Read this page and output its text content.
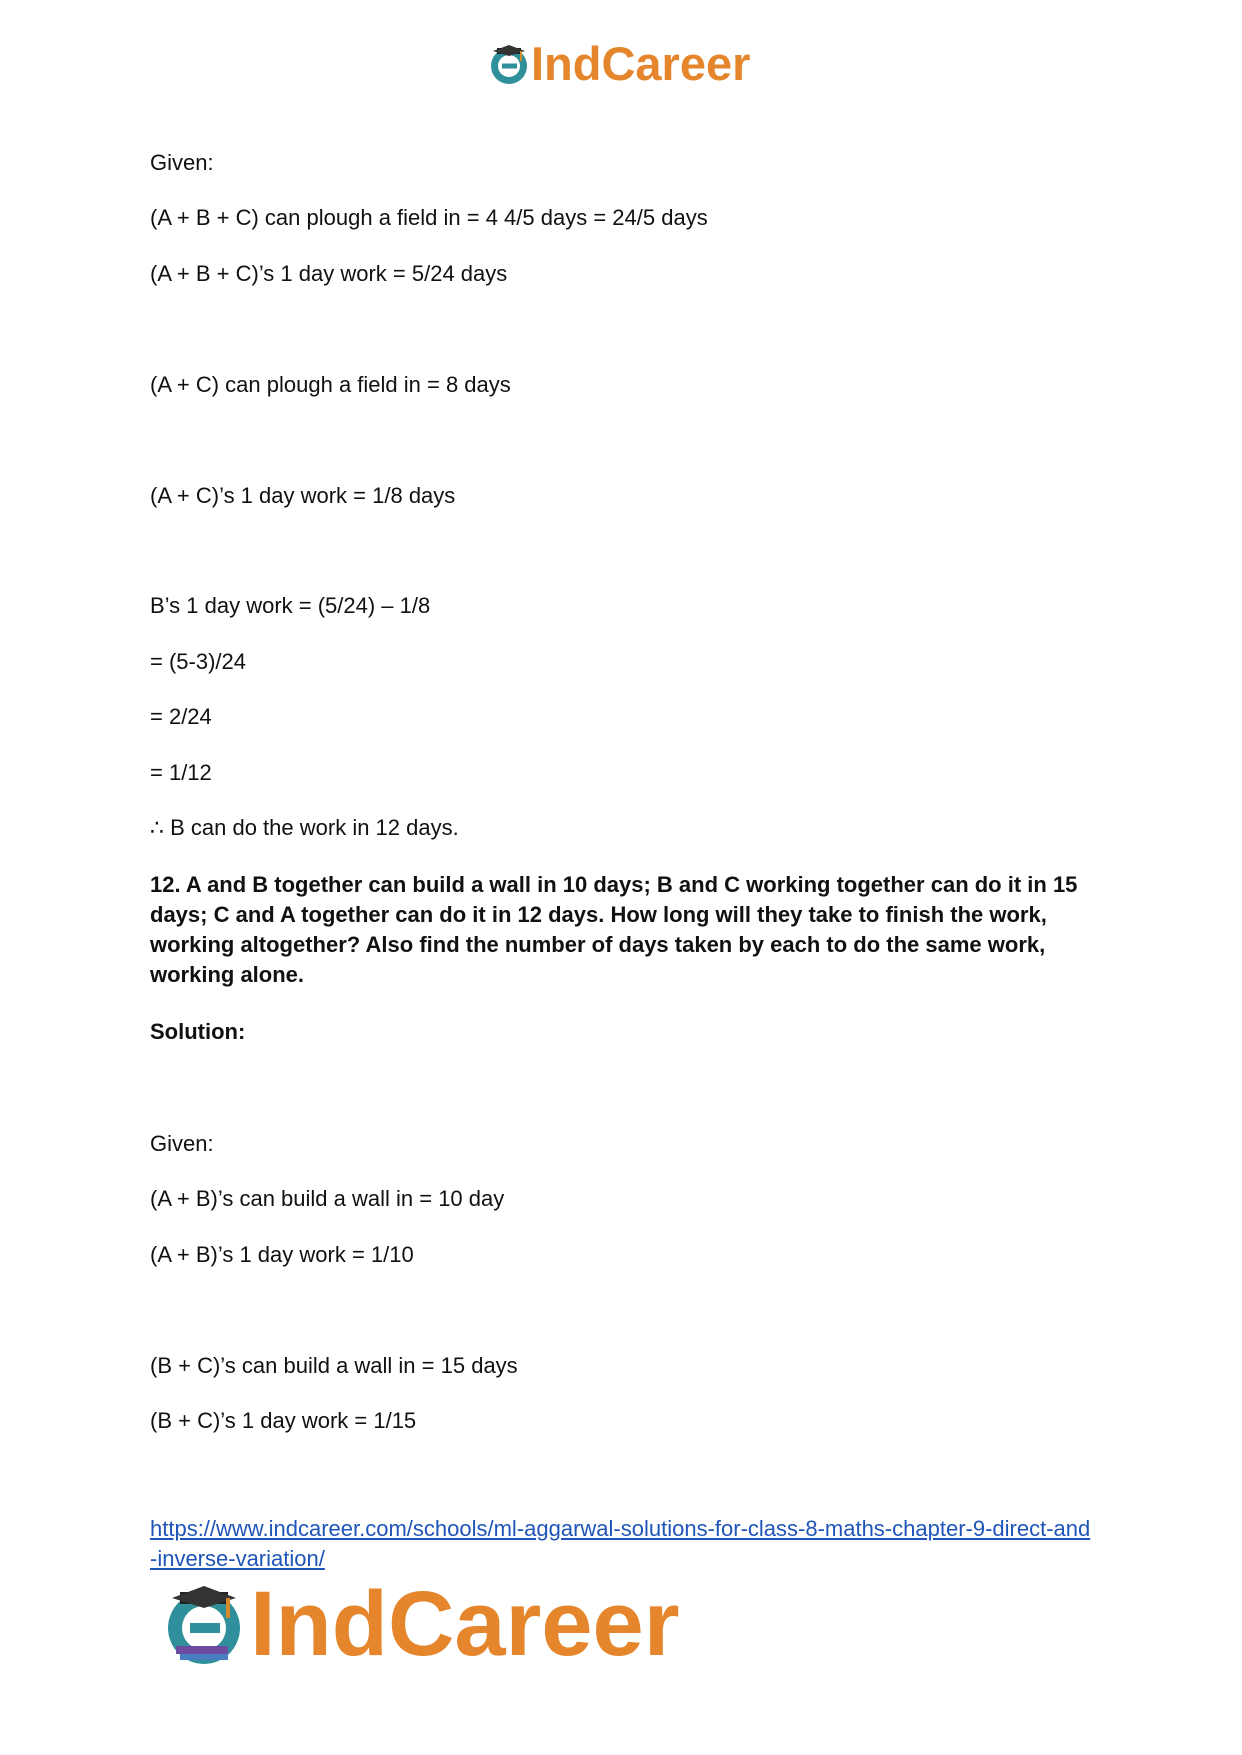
IndCareer
Given:
(A + B + C) can plough a field in = 4 4/5 days = 24/5 days
(A + B + C)’s 1 day work = 5/24 days
(A + C) can plough a field in = 8 days
(A + C)’s 1 day work = 1/8 days
B’s 1 day work = (5/24) – 1/8
= (5-3)/24
= 2/24
= 1/12
∴ B can do the work in 12 days.
12. A and B together can build a wall in 10 days; B and C working together can do it in 15 days; C and A together can do it in 12 days. How long will they take to finish the work, working altogether? Also find the number of days taken by each to do the same work, working alone.
Solution:
Given:
(A + B)’s can build a wall in = 10 day
(A + B)’s 1 day work = 1/10
(B + C)’s can build a wall in = 15 days
(B + C)’s 1 day work = 1/15
https://www.indcareer.com/schools/ml-aggarwal-solutions-for-class-8-maths-chapter-9-direct-and-inverse-variation/
IndCareer
